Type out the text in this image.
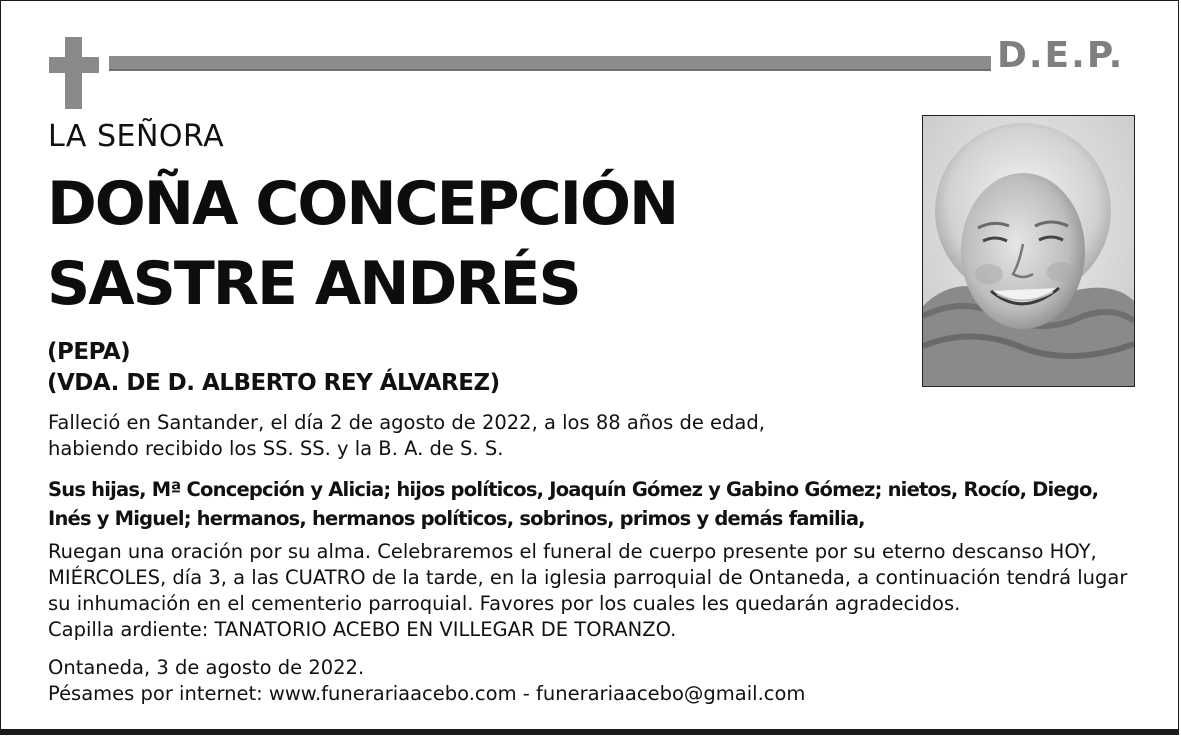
D.E.P.
LA SEÑORA
DOÑA CONCEPCIÓN
SASTRE ANDRÉS
(PEPA)
(VDA. DE D. ALBERTO REY ÁLVAREZ)

Falleció en Santander, el día 2 de agosto de 2022, a los 88 años de edad,
habiendo recibido los SS. SS. y la B. A. de S. S.

Sus hijas, Mª Concepción y Alicia; hijos políticos, Joaquín Gómez y Gabino Gómez; nietos, Rocío, Diego,
Inés y Miguel; hermanos, hermanos políticos, sobrinos, primos y demás familia,

Ruegan una oración por su alma. Celebraremos el funeral de cuerpo presente por su eterno descanso HOY,
MIÉRCOLES, día 3, a las CUATRO de la tarde, en la iglesia parroquial de Ontaneda, a continuación tendrá lugar
su inhumación en el cementerio parroquial. Favores por los cuales les quedarán agradecidos.
Capilla ardiente: TANATORIO ACEBO EN VILLEGAR DE TORANZO.

Ontaneda, 3 de agosto de 2022.
Pésames por internet: www.funerariaacebo.com - funerariaacebo@gmail.com
